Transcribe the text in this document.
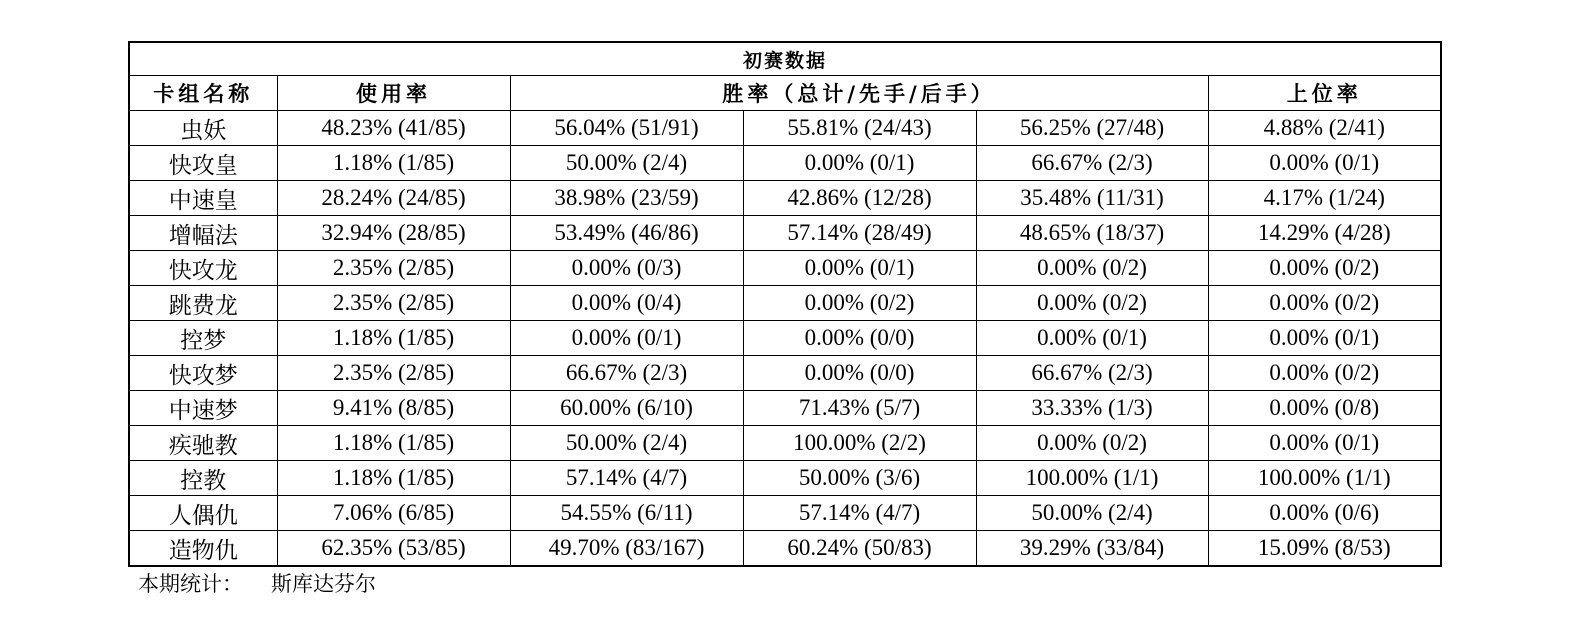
初赛数据					
卡组名称	使用率	胜率（总计/先手/后手）			上位率
虫妖	48.23% (41/85)	56.04% (51/91)	55.81% (24/43)	56.25% (27/48)	4.88% (2/41)
快攻皇	1.18% (1/85)	50.00% (2/4)	0.00% (0/1)	66.67% (2/3)	0.00% (0/1)
中速皇	28.24% (24/85)	38.98% (23/59)	42.86% (12/28)	35.48% (11/31)	4.17% (1/24)
增幅法	32.94% (28/85)	53.49% (46/86)	57.14% (28/49)	48.65% (18/37)	14.29% (4/28)
快攻龙	2.35% (2/85)	0.00% (0/3)	0.00% (0/1)	0.00% (0/2)	0.00% (0/2)
跳费龙	2.35% (2/85)	0.00% (0/4)	0.00% (0/2)	0.00% (0/2)	0.00% (0/2)
控梦	1.18% (1/85)	0.00% (0/1)	0.00% (0/0)	0.00% (0/1)	0.00% (0/1)
快攻梦	2.35% (2/85)	66.67% (2/3)	0.00% (0/0)	66.67% (2/3)	0.00% (0/2)
中速梦	9.41% (8/85)	60.00% (6/10)	71.43% (5/7)	33.33% (1/3)	0.00% (0/8)
疾驰教	1.18% (1/85)	50.00% (2/4)	100.00% (2/2)	0.00% (0/2)	0.00% (0/1)
控教	1.18% (1/85)	57.14% (4/7)	50.00% (3/6)	100.00% (1/1)	100.00% (1/1)
人偶仇	7.06% (6/85)	54.55% (6/11)	57.14% (4/7)	50.00% (2/4)	0.00% (0/6)
造物仇	62.35% (53/85)	49.70% (83/167)	60.24% (50/83)	39.29% (33/84)	15.09% (8/53)
本期统计： 斯库达芬尔
